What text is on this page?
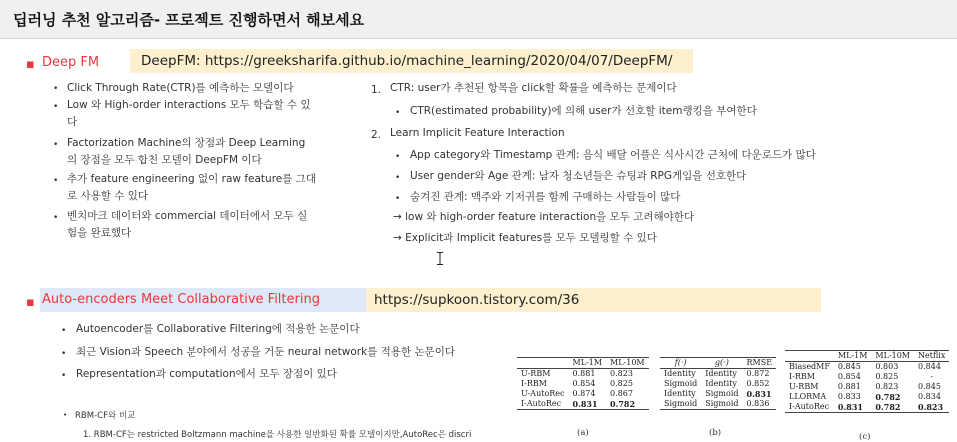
딥러닝 추천 알고리즘- 프로젝트 진행하면서 해보세요
▪ Deep FM	DeepFM: https://greeksharifa.github.io/machine_learning/2020/04/07/DeepFM/
• Click Through Rate(CTR)를 예측하는 모델이다
• Low 와 High-order interactions 모두 학습할 수 있다
• Factorization Machine의 장점과 Deep Learning 의 장점을 모두 합친 모델이 DeepFM 이다
• 추가 feature engineering 없이 raw feature를 그대로 사용할 수 있다
• 벤치마크 데이터와 commercial 데이터에서 모두 실험을 완료했다
1. CTR: user가 추천된 항목을 click할 확률을 예측하는 문제이다
• CTR(estimated probability)에 의해 user가 선호할 item랭킹을 부여한다
2. Learn Implicit Feature Interaction
• App category와 Timestamp 관계: 음식 배달 어플은 식사시간 근처에 다운로드가 많다
• User gender와 Age 관계: 남자 청소년들은 슈팅과 RPG게임을 선호한다
• 숨겨진 관계: 맥주와 기저귀를 함께 구매하는 사람들이 많다
→ low 와 high-order feature interaction을 모두 고려해야한다
→ Explicit과 Implicit features를 모두 모델링할 수 있다
▪ Auto-encoders Meet Collaborative Filtering	https://supkoon.tistory.com/36
• Autoencoder를 Collaborative Filtering에 적용한 논문이다
• 최근 Vision과 Speech 분야에서 성공을 거둔 neural network를 적용한 논문이다
• Representation과 computation에서 모두 장점이 있다
• RBM-CF와 비교
1. RBM-CF는 restricted Boltzmann machine을 사용한 일반화된 확률 모델이지만,AutoRec은 discri
	ML-1M	ML-10M
U-RBM	0.881	0.823
I-RBM	0.854	0.825
U-AutoRec	0.874	0.867
I-AutoRec	0.831	0.782
(a)
f(·)	g(·)	RMSE
Identity	Identity	0.872
Sigmoid	Identity	0.852
Identity	Sigmoid	0.831
Sigmoid	Sigmoid	0.836
(b)
	ML-1M	ML-10M	Netflix
BiasedMF	0.845	0.803	0.844
I-RBM	0.854	0.825	-
U-RBM	0.881	0.823	0.845
LLORMA	0.833	0.782	0.834
I-AutoRec	0.831	0.782	0.823
(c)
